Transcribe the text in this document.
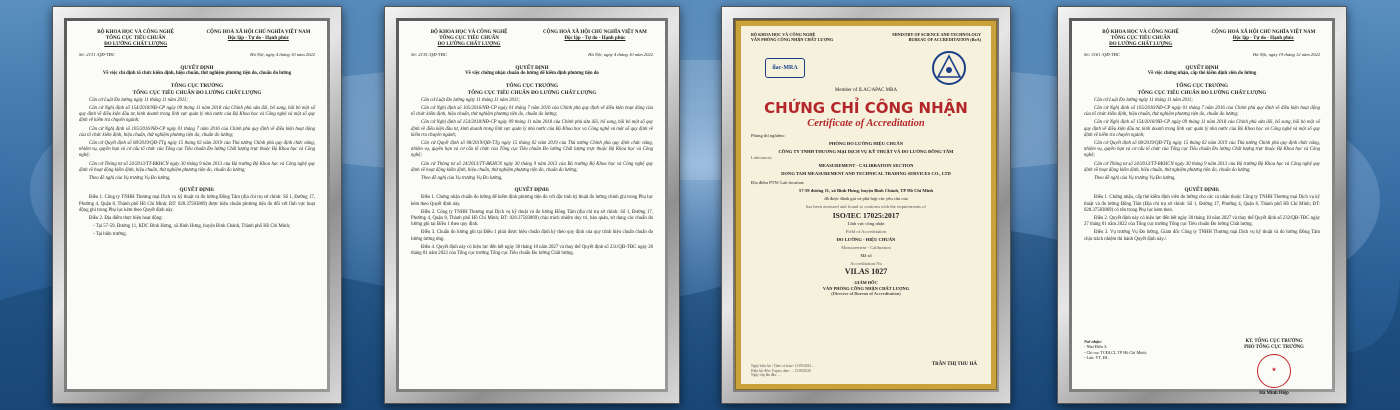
BỘ KHOA HỌC VÀ CÔNG NGHỆ
TỔNG CỤC TIÊU CHUẨN
ĐO LƯỜNG CHẤT LƯỢNG
CỘNG HOÀ XÃ HỘI CHỦ NGHĨA VIỆT NAM
Độc lập - Tự do - Hạnh phúc
Số: 2131 /QĐ-TĐC	Hà Nội, ngày 4 tháng 10 năm 2022
QUYẾT ĐỊNH
Về việc chỉ định tổ chức kiểm định, hiệu chuẩn, thử nghiệm phương tiện đo, chuẩn đo lường
TỔNG CỤC TRƯỞNG
TỔNG CỤC TIÊU CHUẨN ĐO LƯỜNG CHẤT LƯỢNG
Căn cứ Luật Đo lường ngày 11 tháng 11 năm 2011;
Căn cứ Nghị định số 154/2018/NĐ-CP ngày 09 tháng 11 năm 2018 của Chính phủ sửa đổi, bổ sung, bãi bỏ một số quy định về điều kiện đầu tư, kinh doanh trong lĩnh vực quản lý nhà nước của Bộ Khoa học và Công nghệ và một số quy định về kiểm tra chuyên ngành;
Căn cứ Nghị định số 105/2016/NĐ-CP ngày 01 tháng 7 năm 2016 của Chính phủ quy định về điều kiện hoạt động của tổ chức kiểm định, hiệu chuẩn, thử nghiệm phương tiện đo, chuẩn đo lường;
Căn cứ Quyết định số 08/2019/QĐ-TTg ngày 15 tháng 02 năm 2019 của Thủ tướng Chính phủ quy định chức năng, nhiệm vụ, quyền hạn và cơ cấu tổ chức của Tổng cục Tiêu chuẩn Đo lường Chất lượng trực thuộc Bộ Khoa học và Công nghệ;
Căn cứ Thông tư số 24/2013/TT-BKHCN ngày 30 tháng 9 năm 2013 của Bộ trưởng Bộ Khoa học và Công nghệ quy định về hoạt động kiểm định, hiệu chuẩn, thử nghiệm phương tiện đo, chuẩn đo lường;
Theo đề nghị của Vụ trưởng Vụ Đo lường,
QUYẾT ĐỊNH:
Điều 1. Công ty TNHH Thương mại Dịch vụ kỹ thuật và đo lường Đồng Tâm (địa chỉ trụ sở chính: Số 1, Đường 17, Phường 4, Quận 8, Thành phố Hồ Chí Minh; ĐT: 028.37583869) được hiệu chuẩn phương tiện đo đối với lĩnh vực hoạt động ghi trong Phụ lục kèm theo Quyết định này.
Điều 2. Địa điểm thực hiện hoạt động:
- Tại 57-59, Đường 11, KDC Bình Hưng, xã Bình Hưng, huyện Bình Chánh, Thành phố Hồ Chí Minh;
- Tại hiện trường.
BỘ KHOA HỌC VÀ CÔNG NGHỆ
TỔNG CỤC TIÊU CHUẨN
ĐO LƯỜNG CHẤT LƯỢNG
CỘNG HOÀ XÃ HỘI CHỦ NGHĨA VIỆT NAM
Độc lập - Tự do - Hạnh phúc
Số: 2135 /QĐ-TĐC	Hà Nội, ngày 4 tháng 10 năm 2022
QUYẾT ĐỊNH
Về việc chứng nhận chuẩn đo lường để kiểm định phương tiện đo
TỔNG CỤC TRƯỞNG
TỔNG CỤC TIÊU CHUẨN ĐO LƯỜNG CHẤT LƯỢNG
Căn cứ Luật Đo lường ngày 11 tháng 11 năm 2011;
Căn cứ Nghị định số 105/2016/NĐ-CP ngày 01 tháng 7 năm 2016 của Chính phủ quy định về điều kiện hoạt động của tổ chức kiểm định, hiệu chuẩn, thử nghiệm phương tiện đo, chuẩn đo lường;
Căn cứ Nghị định số 154/2018/NĐ-CP ngày 09 tháng 11 năm 2018 của Chính phủ sửa đổi, bổ sung, bãi bỏ một số quy định về điều kiện đầu tư, kinh doanh trong lĩnh vực quản lý nhà nước của Bộ Khoa học và Công nghệ và một số quy định về kiểm tra chuyên ngành;
Căn cứ Quyết định số 08/2019/QĐ-TTg ngày 15 tháng 02 năm 2019 của Thủ tướng Chính phủ quy định chức năng, nhiệm vụ, quyền hạn và cơ cấu tổ chức của Tổng cục Tiêu chuẩn Đo lường Chất lượng trực thuộc Bộ Khoa học và Công nghệ;
Căn cứ Thông tư số 24/2013/TT-BKHCN ngày 30 tháng 9 năm 2013 của Bộ trưởng Bộ Khoa học và Công nghệ quy định về hoạt động kiểm định, hiệu chuẩn, thử nghiệm phương tiện đo, chuẩn đo lường;
Theo đề nghị của Vụ trưởng Vụ Đo lường,
QUYẾT ĐỊNH:
Điều 1. Chứng nhận chuẩn đo lường để kiểm định phương tiện đo với đặc tính kỹ thuật đo lường chính ghi trong Phụ lục kèm theo Quyết định này.
Điều 2. Công ty TNHH Thương mại Dịch vụ kỹ thuật và đo lường Đồng Tâm (địa chỉ trụ sở chính: Số 1, Đường 17, Phường 4, Quận 8, Thành phố Hồ Chí Minh; ĐT: 028.37583869) chịu trách nhiệm duy trì, bảo quản, sử dụng các chuẩn đo lường ghi tại Điều 1 theo quy định.
Điều 3. Chuẩn đo lường ghi tại Điều 1 phải được hiệu chuẩn định kỳ theo quy định của quy trình hiệu chuẩn chuẩn đo lường tương ứng.
Điều 4. Quyết định này có hiệu lực đến hết ngày 30 tháng 10 năm 2027 và thay thế Quyết định số 231/QĐ-TĐC ngày 26 tháng 01 năm 2022 của Tổng cục trưởng Tổng cục Tiêu chuẩn Đo lường Chất lượng.
BỘ KHOA HỌC VÀ CÔNG NGHỆ
VĂN PHÒNG CÔNG NHẬN CHẤT LƯỢNG
MINISTRY OF SCIENCE AND TECHNOLOGY
BUREAU OF ACCREDITATION (BoA)
ilac-MRA
Member of ILAC/APAC MRA
CHỨNG CHỈ CÔNG NHẬN
Certificate of Accreditation
Phòng thí nghiệm:
PHÒNG ĐO LƯỜNG HIỆU CHUẨN
CÔNG TY TNHH THƯƠNG MẠI DỊCH VỤ KỸ THUẬT VÀ ĐO LƯỜNG ĐỒNG TÂM
Laboratory:
MEASUREMENT - CALIBRATION SECTION
DONG TAM MEASUREMENT AND TECHNICAL TRADING SERVICES CO., LTD
Địa điểm PTN/ Lab location:
57-59 đường 11, xã Bình Hưng, huyện Bình Chánh, TP Hồ Chí Minh
đã được đánh giá và phù hợp các yêu cầu của
has been assessed and found to conform with the requirements of
ISO/IEC 17025:2017
Lĩnh vực công nhận
Field of Accreditation
ĐO LƯỜNG - HIỆU CHUẨN
Measurement - Calibration
Mã số
Accreditation No
VILAS 1027
GIÁM ĐỐC
VĂN PHÒNG CÔNG NHẬN CHẤT LƯỢNG
(Director of Bureau of Accreditation)
Ngày hiệu lực / Date of issue: 11/09/2023 ...
Hiệu lực đến / Expiry date: ... 11/09/2026
Ngày cấp lần đầu: ...
TRẦN THỊ THU HÀ
BỘ KHOA HỌC VÀ CÔNG NGHỆ
TỔNG CỤC TIÊU CHUẨN
ĐO LƯỜNG CHẤT LƯỢNG
CỘNG HOÀ XÃ HỘI CHỦ NGHĨA VIỆT NAM
Độc lập - Tự do - Hạnh phúc
Số: 3161 /QĐ-TĐC	Hà Nội, ngày 19 tháng 12 năm 2022
QUYẾT ĐỊNH
Về việc chứng nhận, cấp thẻ kiểm định viên đo lường
TỔNG CỤC TRƯỞNG
TỔNG CỤC TIÊU CHUẨN ĐO LƯỜNG CHẤT LƯỢNG
Căn cứ Luật Đo lường ngày 11 tháng 11 năm 2011;
Căn cứ Nghị định số 105/2016/NĐ-CP ngày 01 tháng 7 năm 2016 của Chính phủ quy định về điều kiện hoạt động của tổ chức kiểm định, hiệu chuẩn, thử nghiệm phương tiện đo, chuẩn đo lường;
Căn cứ Nghị định số 154/2018/NĐ-CP ngày 09 tháng 11 năm 2018 của Chính phủ sửa đổi, bổ sung, bãi bỏ một số quy định về điều kiện đầu tư, kinh doanh trong lĩnh vực quản lý nhà nước của Bộ Khoa học và Công nghệ và một số quy định về kiểm tra chuyên ngành;
Căn cứ Quyết định số 08/2019/QĐ-TTg ngày 15 tháng 02 năm 2019 của Thủ tướng Chính phủ quy định chức năng, nhiệm vụ, quyền hạn và cơ cấu tổ chức của Tổng cục Tiêu chuẩn Đo lường Chất lượng trực thuộc Bộ Khoa học và Công nghệ;
Căn cứ Thông tư số 24/2013/TT-BKHCN ngày 30 tháng 9 năm 2013 của Bộ trưởng Bộ Khoa học và Công nghệ quy định về hoạt động kiểm định, hiệu chuẩn, thử nghiệm phương tiện đo, chuẩn đo lường;
Theo đề nghị của Vụ trưởng Vụ Đo lường,
QUYẾT ĐỊNH:
Điều 1. Chứng nhận, cấp thẻ kiểm định viên đo lường cho các cá nhân thuộc Công ty TNHH Thương mại Dịch vụ kỹ thuật và đo lường Đồng Tâm (Địa chỉ trụ sở chính: Số 1, Đường 17, Phường 4, Quận 8, Thành phố Hồ Chí Minh; ĐT: 028.37583869) có tên trong Phụ lục kèm theo.
Điều 2. Quyết định này có hiệu lực đến hết ngày 30 tháng 10 năm 2027 và thay thế Quyết định số 232/QĐ-TĐC ngày 27 tháng 01 năm 2022 của Tổng cục trưởng Tổng cục Tiêu chuẩn Đo lường Chất lượng.
Điều 3. Vụ trưởng Vụ Đo lường, Giám đốc Công ty TNHH Thương mại Dịch vụ kỹ thuật và đo lường Đồng Tâm chịu trách nhiệm thi hành Quyết định này./.
Nơi nhận:
- Như Điều 3;
- Chi cục TCĐLCL TP Hồ Chí Minh;
- Lưu: VT, ĐL.
KT. TỔNG CỤC TRƯỞNG
PHÓ TỔNG CỤC TRƯỞNG
★
Hà Minh Hiệp
